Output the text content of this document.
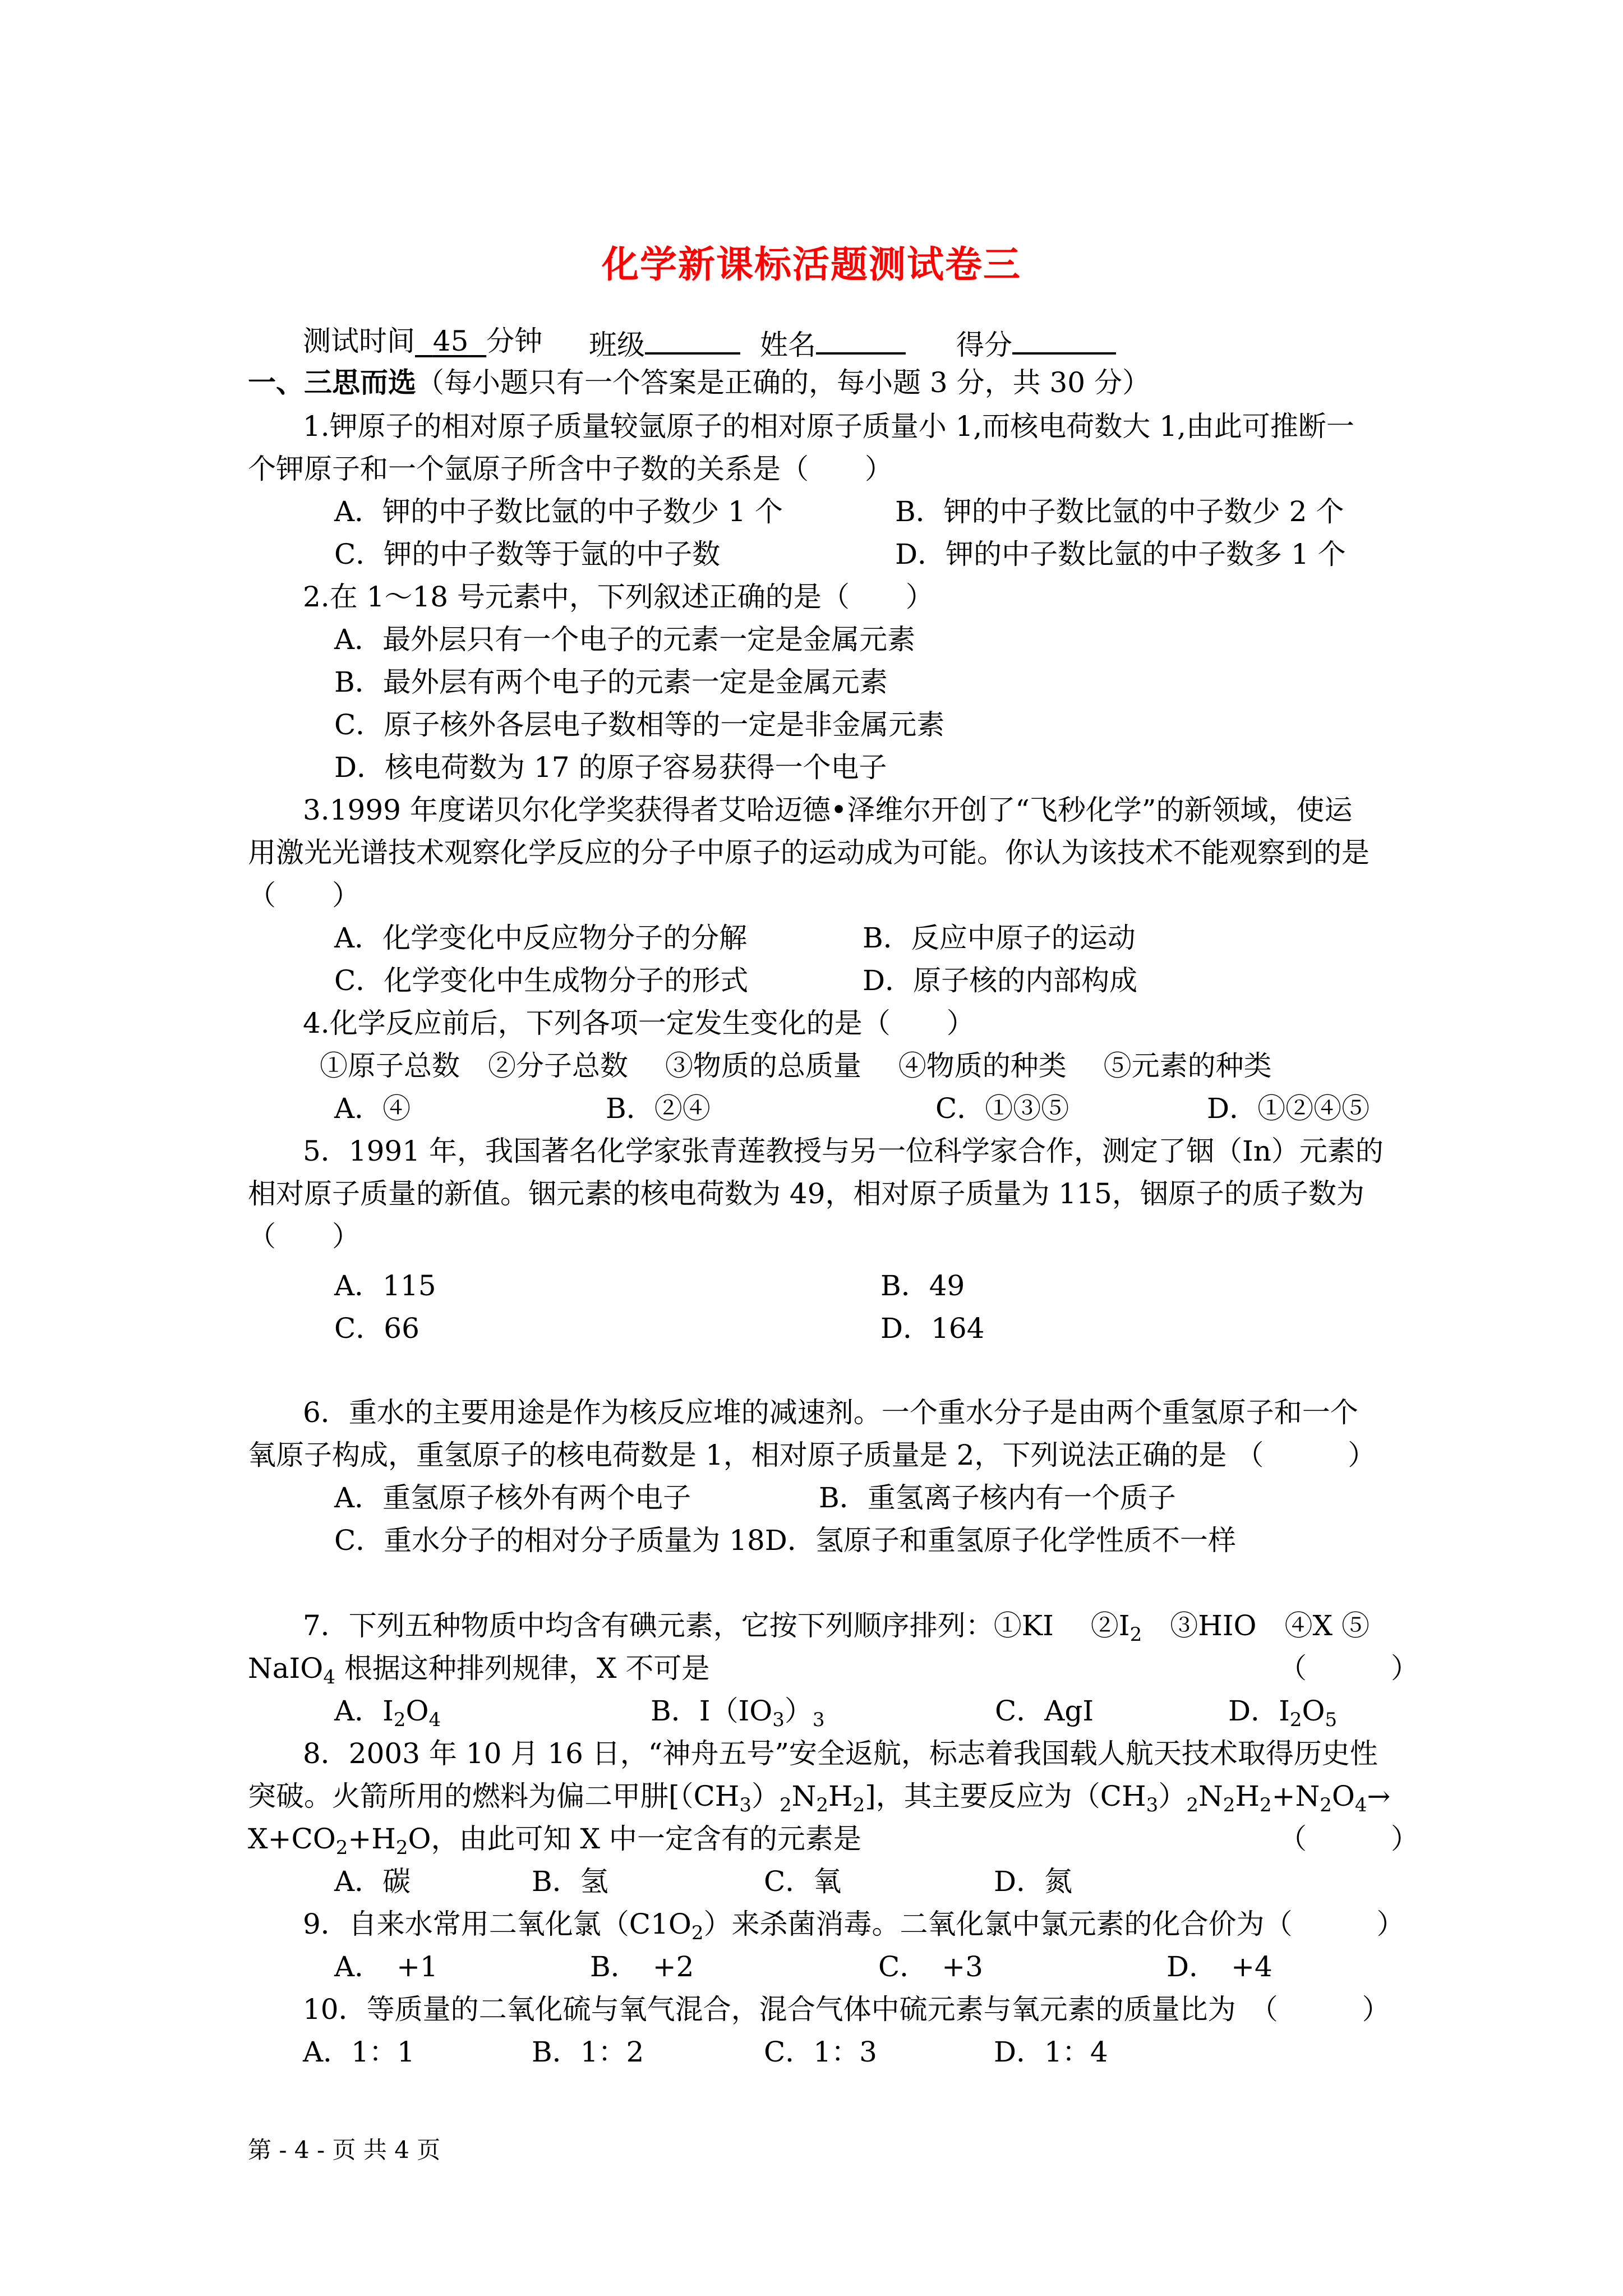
化学新课标活题测试卷三
测试时间 45 分钟 班级	姓名	得分
一、三思而选（每小题只有一个答案是正确的，每小题 3 分，共 30 分）
1.钾原子的相对原子质量较氩原子的相对原子质量小 1,而核电荷数大 1,由此可推断一
个钾原子和一个氩原子所含中子数的关系是（　　）
A．钾的中子数比氩的中子数少 1 个	B．钾的中子数比氩的中子数少 2 个
C．钾的中子数等于氩的中子数	D．钾的中子数比氩的中子数多 1 个
2.在 1～18 号元素中，下列叙述正确的是（　　）
A．最外层只有一个电子的元素一定是金属元素
B．最外层有两个电子的元素一定是金属元素
C．原子核外各层电子数相等的一定是非金属元素
D．核电荷数为 17 的原子容易获得一个电子
3.1999 年度诺贝尔化学奖获得者艾哈迈德•泽维尔开创了“飞秒化学”的新领域，使运
用激光光谱技术观察化学反应的分子中原子的运动成为可能。你认为该技术不能观察到的是
（　　）
A．化学变化中反应物分子的分解	B．反应中原子的运动
C．化学变化中生成物分子的形式	D．原子核的内部构成
4.化学反应前后，下列各项一定发生变化的是（　　）
①原子总数　②分子总数　 ③物质的总质量　 ④物质的种类　 ⑤元素的种类
A．④	B．②④	C．①③⑤	D．①②④⑤
5．1991 年，我国著名化学家张青莲教授与另一位科学家合作，测定了铟（In）元素的
相对原子质量的新值。铟元素的核电荷数为 49，相对原子质量为 115，铟原子的质子数为
（　　）
A．115	B．49
C．66	D．164
6．重水的主要用途是作为核反应堆的减速剂。一个重水分子是由两个重氢原子和一个
氧原子构成，重氢原子的核电荷数是 1，相对原子质量是 2，下列说法正确的是 （　　　）
A．重氢原子核外有两个电子	B．重氢离子核内有一个质子
C．重水分子的相对分子质量为 18D．氢原子和重氢原子化学性质不一样
7．下列五种物质中均含有碘元素，它按下列顺序排列：①KI　 $②I_2$　③HIO　④X ⑤
NaIO$_4$ 根据这种排列规律，X 不可是	（　　　）
A．$I_2O_4$	B．$I(IO_3)_3$	C．AgI	D．$I_2O_5$
8．2003 年 10 月 16 日，“神舟五号”安全返航，标志着我国载人航天技术取得历史性
突破。火箭所用的燃料为偏二甲肼$[(CH_3)_2N_2H_2]$，其主要反应为$(CH_3)_2N_2H_2+N_2O_4\to$
$X+CO_2+H_2O$，由此可知 X 中一定含有的元素是	（　　　）
A．碳	B．氢	C．氧	D．氮
9．自来水常用二氧化氯$(C1O_2)$来杀菌消毒。二氧化氯中氯元素的化合价为（　　　）
A．　+1	B．　+2	C．　+3	D．　+4
10．等质量的二氧化硫与氧气混合，混合气体中硫元素与氧元素的质量比为　（　　　）
A．1：1	B．1：2	C．1：3	D．1：4
第 - 4 - 页 共 4 页
